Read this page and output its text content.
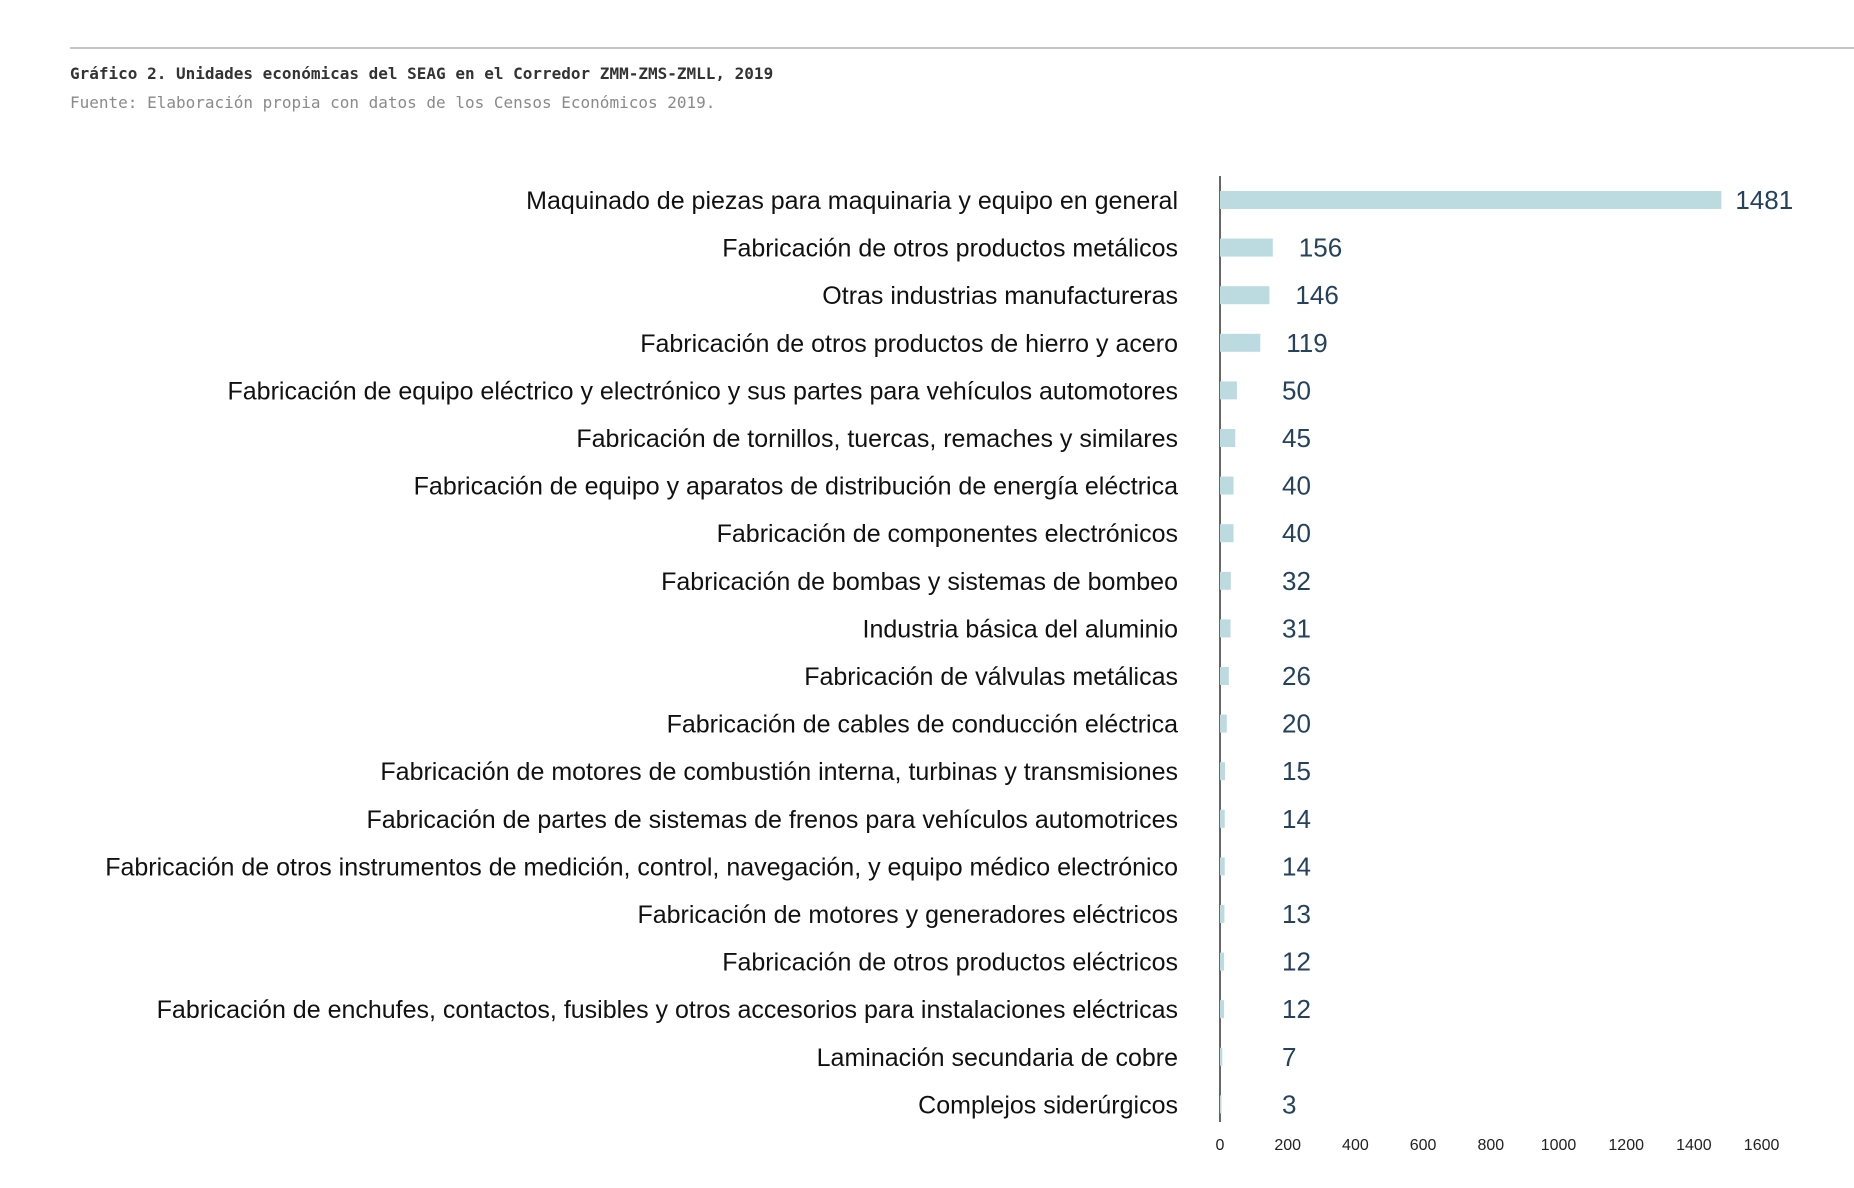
Gráfico 2. Unidades económicas del SEAG en el Corredor ZMM-ZMS-ZMLL, 2019
Fuente: Elaboración propia con datos de los Censos Económicos 2019.
Maquinado de piezas para maquinaria y equipo en general	1481
Fabricación de otros productos metálicos	156
Otras industrias manufactureras	146
Fabricación de otros productos de hierro y acero	119
Fabricación de equipo eléctrico y electrónico y sus partes para vehículos automotores	50
Fabricación de tornillos, tuercas, remaches y similares	45
Fabricación de equipo y aparatos de distribución de energía eléctrica	40
Fabricación de componentes electrónicos	40
Fabricación de bombas y sistemas de bombeo	32
Industria básica del aluminio	31
Fabricación de válvulas metálicas	26
Fabricación de cables de conducción eléctrica	20
Fabricación de motores de combustión interna, turbinas y transmisiones	15
Fabricación de partes de sistemas de frenos para vehículos automotrices	14
Fabricación de otros instrumentos de medición, control, navegación, y equipo médico electrónico	14
Fabricación de motores y generadores eléctricos	13
Fabricación de otros productos eléctricos	12
Fabricación de enchufes, contactos, fusibles y otros accesorios para instalaciones eléctricas	12
Laminación secundaria de cobre	7
Complejos siderúrgicos	3
0	200	400	600	800 1000 1200 1400 1600
